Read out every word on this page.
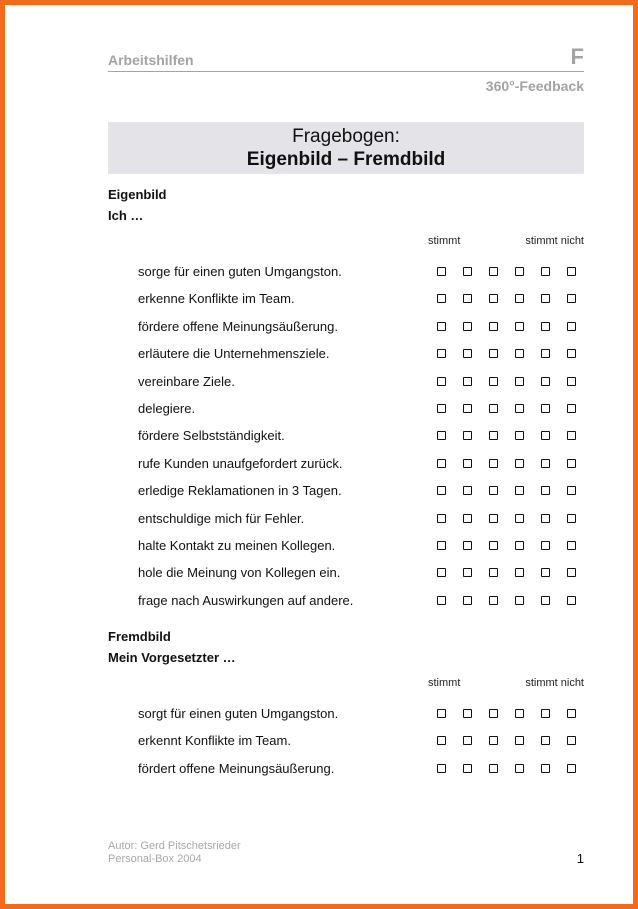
Arbeitshilfen	F
360°-Feedback
Fragebogen:
Eigenbild – Fremdbild
Eigenbild
Ich …
stimmt	stimmt nicht
sorge für einen guten Umgangston.
erkenne Konflikte im Team.
fördere offene Meinungsäußerung.
erläutere die Unternehmensziele.
vereinbare Ziele.
delegiere.
fördere Selbstständigkeit.
rufe Kunden unaufgefordert zurück.
erledige Reklamationen in 3 Tagen.
entschuldige mich für Fehler.
halte Kontakt zu meinen Kollegen.
hole die Meinung von Kollegen ein.
frage nach Auswirkungen auf andere.
Fremdbild
Mein Vorgesetzter …
stimmt	stimmt nicht
sorgt für einen guten Umgangston.
erkennt Konflikte im Team.
fördert offene Meinungsäußerung.
Autor: Gerd Pitschetsrieder
Personal-Box 2004	1
